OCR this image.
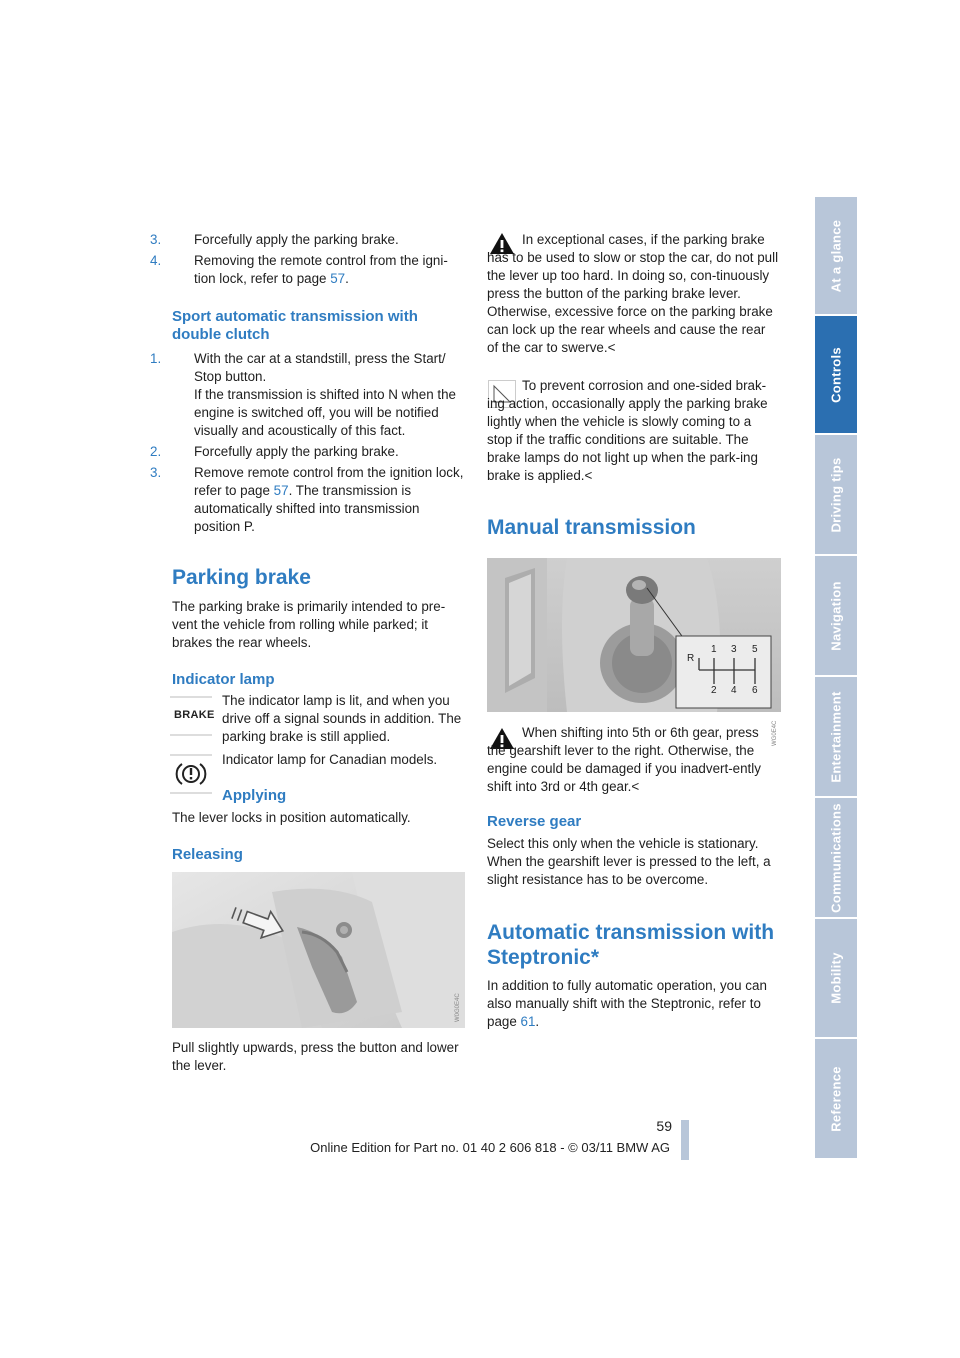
3. Forcefully apply the parking brake.

4. Removing the remote control from the igni-tion lock, refer to page 57.

Sport automatic transmission with double clutch

1. With the car at a standstill, press the Start/ Stop button.
If the transmission is shifted into N when the engine is switched off, you will be notified visually and acoustically of this fact.

2. Forcefully apply the parking brake.

3. Remove remote control from the ignition lock, refer to page 57. The transmission is automatically shifted into transmission position P.

Parking brake

The parking brake is primarily intended to pre-vent the vehicle from rolling while parked; it brakes the rear wheels.

Indicator lamp

BRAKE

The indicator lamp is lit, and when you drive off a signal sounds in addition. The parking brake is still applied.

Indicator lamp for Canadian models.

Applying

The lever locks in position automatically.

Releasing

W0G0E4C

Pull slightly upwards, press the button and lower the lever.

In exceptional cases, if the parking brake has to be used to slow or stop the car, do not pull the lever up too hard. In doing so, con-tinuously press the button of the parking brake lever.

Otherwise, excessive force on the parking brake can lock up the rear wheels and cause the rear of the car to swerve.<

To prevent corrosion and one-sided brak-ing action, occasionally apply the parking brake lightly when the vehicle is slowly coming to a stop if the traffic conditions are suitable. The brake lamps do not light up when the park-ing brake is applied.<

Manual transmission

WG0E4C
R
1 3 5
2 4 6

When shifting into 5th or 6th gear, press the gearshift lever to the right. Otherwise, the engine could be damaged if you inadvert-ently shift into 3rd or 4th gear.<

Reverse gear

Select this only when the vehicle is stationary. When the gearshift lever is pressed to the left, a slight resistance has to be overcome.

Automatic transmission with Steptronic*

In addition to fully automatic operation, you can also manually shift with the Steptronic, refer to page 61.

At a glance
Controls
Driving tips
Navigation
Entertainment
Communications
Mobility
Reference

59

Online Edition for Part no. 01 40 2 606 818 - © 03/11 BMW AG
